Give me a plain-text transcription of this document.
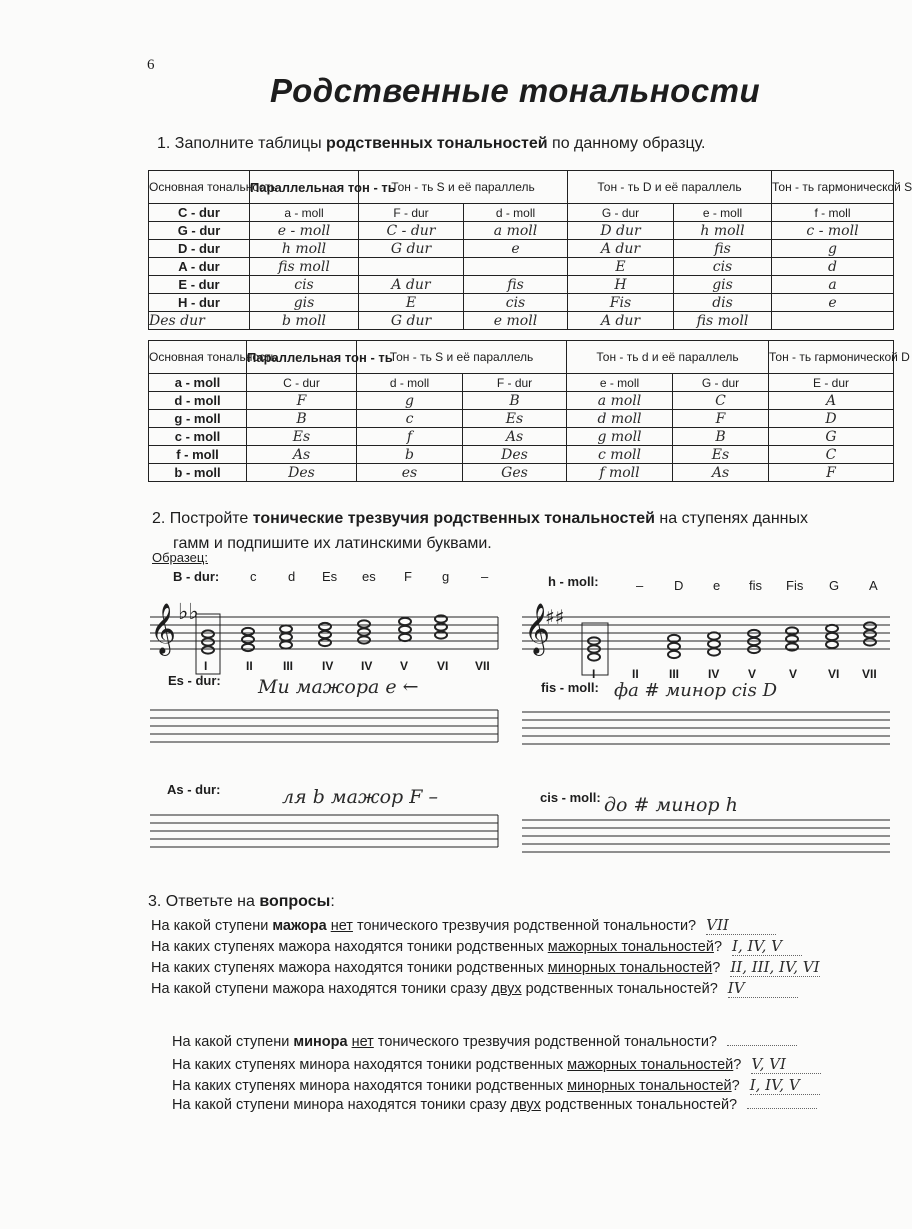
6
Родственные тональности
1. Заполните таблицы родственных тональностей по данному образцу.
Основная тональность	Параллельная тон - ть	Тон - ть S и её параллель		Тон - ть D и её параллель		Тон - ть гармонической S
C - dur	a - moll	F - dur	d - moll	G - dur	e - moll	f - moll
G - dur	e - moll	C - dur	a moll	D dur	h moll	c - moll
D - dur	h moll	G dur	e	A dur	fis	g
A - dur	fis moll			E	cis	d
E - dur	cis	A dur	fis	H	gis	a
H - dur	gis	E	cis	Fis	dis	e
Des dur	b moll	G dur	e moll	A dur	fis moll	
Основная тональность	Параллельная тон - ть	Тон - ть S и её параллель		Тон - ть d и её параллель		Тон - ть гармонической D
a - moll	C - dur	d - moll	F - dur	e - moll	G - dur	E - dur
d - moll	F	g	B	a moll	C	A
g - moll	B	c	Es	d moll	F	D
c - moll	Es	f	As	g moll	B	G
f - moll	As	b	Des	c moll	Es	C
b - moll	Des	es	Ges	f moll	As	F
2. Постройте тонические трезвучия родственных тональностей на ступенях данных
гамм и подпишите их латинскими буквами.
Образец:
B - dur:	h - moll:
c d Es es F g –
I	II	III IV IV V VI VII
– D e fis Fis G A
I	II	III IV V	V	VI VII
𝄞 ♭♭	𝄞
♯♯
Es - dur:	fis - moll:
As - dur:
cis - moll:
Ми мажора е ←	фа # минор cis D
ля b мажор F –	до # минор h
3. Ответьте на вопросы:
На какой ступени мажора нет тонического трезвучия родственной тональности? VII
На каких ступенях мажора находятся тоники родственных мажорных тональностей? I, IV, V
На каких ступенях мажора находятся тоники родственных минорных тональностей? II, III, IV, VI
На какой ступени мажора находятся тоники сразу двух родственных тональностей? IV
На какой ступени минора нет тонического трезвучия родственной тональности?
На каких ступенях минора находятся тоники родственных мажорных тональностей? V, VI
На каких ступенях минора находятся тоники родственных минорных тональностей? I, IV, V
На какой ступени минора находятся тоники сразу двух родственных тональностей?
